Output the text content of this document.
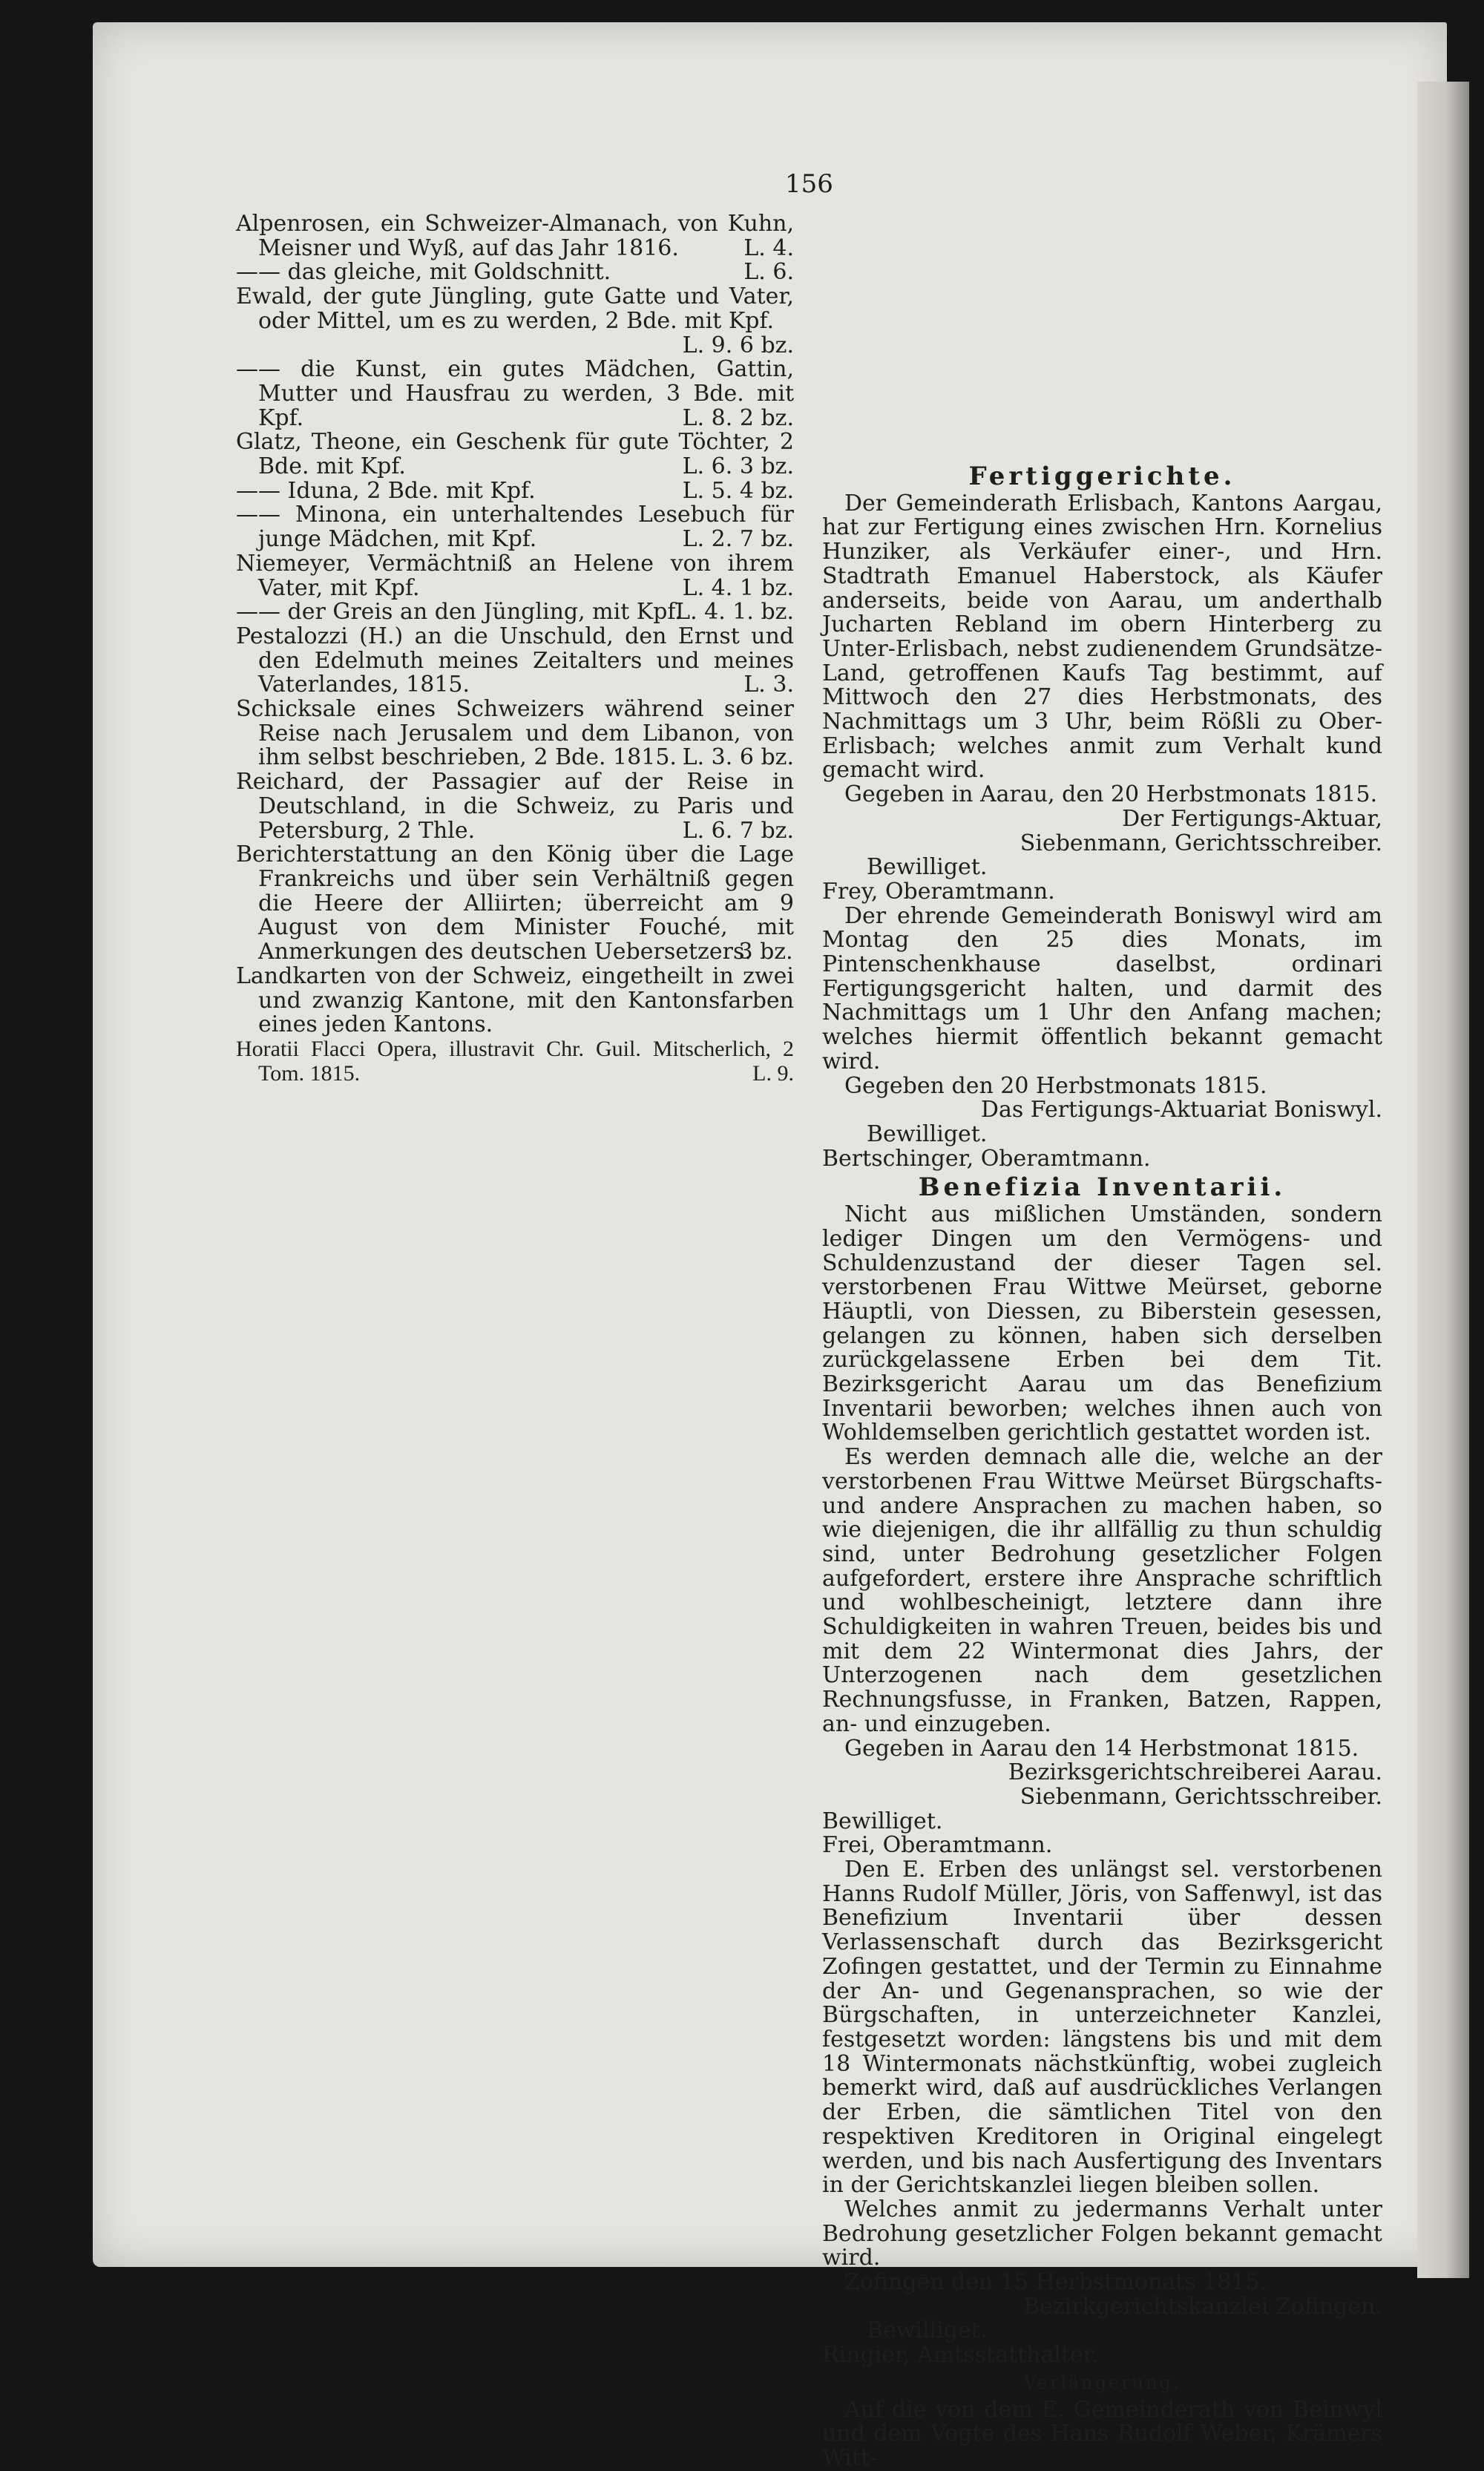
156

Alpenrosen, ein Schweizer-Almanach, von Kuhn, Meisner und Wyß, auf das Jahr 1816.	L. 4.

—— das gleiche, mit Goldschnitt.	L. 6.

Ewald, der gute Jüngling, gute Gatte und Vater, oder Mittel, um es zu werden, 2 Bde. mit Kpf.
L. 9. 6 bz.

—— die Kunst, ein gutes Mädchen, Gattin, Mutter und Hausfrau zu werden, 3 Bde. mit Kpf.	L. 8. 2 bz.

Glatz, Theone, ein Geschenk für gute Töchter, 2 Bde. mit Kpf.	L. 6. 3 bz.

—— Iduna, 2 Bde. mit Kpf.	L. 5. 4 bz.

—— Minona, ein unterhaltendes Lesebuch für junge Mädchen, mit Kpf.	L. 2. 7 bz.

Niemeyer, Vermächtniß an Helene von ihrem Vater, mit Kpf.	L. 4. 1 bz.

—— der Greis an den Jüngling, mit Kpf.
L. 4. 1. bz.

Pestalozzi (H.) an die Unschuld, den Ernst und den Edelmuth meines Zeitalters und meines Vaterlandes, 1815.	L. 3.

Schicksale eines Schweizers während seiner Reise nach Jerusalem und dem Libanon, von ihm selbst beschrieben, 2 Bde. 1815. L. 3. 6 bz.

Reichard, der Passagier auf der Reise in Deutschland, in die Schweiz, zu Paris und Petersburg, 2 Thle.	L. 6. 7 bz.

Berichterstattung an den König über die Lage Frankreichs und über sein Verhältniß gegen die Heere der Alliirten; überreicht am 9 August von dem Minister Fouché, mit Anmerkungen des deutschen Uebersetzers.
3 bz.

Landkarten von der Schweiz, eingetheilt in zwei und zwanzig Kantone, mit den Kantonsfarben eines jeden Kantons.

Horatii Flacci Opera, illustravit Chr. Guil. Mitscherlich, 2 Tom. 1815.	L. 9.

Fertiggerichte.

Der Gemeinderath Erlisbach, Kantons Aargau, hat zur Fertigung eines zwischen Hrn. Kornelius Hunziker, als Verkäufer einer-, und Hrn. Stadtrath Emanuel Haberstock, als Käufer anderseits, beide von Aarau, um anderthalb Jucharten Rebland im obern Hinterberg zu Unter-Erlisbach, nebst zudienendem Grundsätze-Land, getroffenen Kaufs Tag bestimmt, auf Mittwoch den 27 dies Herbstmonats, des Nachmittags um 3 Uhr, beim Rößli zu Ober-Erlisbach; welches anmit zum Verhalt kund gemacht wird.

Gegeben in Aarau, den 20 Herbstmonats 1815.

Der Fertigungs-Aktuar,

Siebenmann, Gerichtsschreiber.

Bewilliget.

Frey, Oberamtmann.

Der ehrende Gemeinderath Boniswyl wird am Montag den 25 dies Monats, im Pintenschenkhause daselbst, ordinari Fertigungsgericht halten, und darmit des Nachmittags um 1 Uhr den Anfang machen; welches hiermit öffentlich bekannt gemacht wird.

Gegeben den 20 Herbstmonats 1815.

Das Fertigungs-Aktuariat Boniswyl.

Bewilliget.

Bertschinger, Oberamtmann.

Benefizia Inventarii.

Nicht aus mißlichen Umständen, sondern lediger Dingen um den Vermögens- und Schuldenzustand der dieser Tagen sel. verstorbenen Frau Wittwe Meürset, geborne Häuptli, von Diessen, zu Biberstein gesessen, gelangen zu können, haben sich derselben zurückgelassene Erben bei dem Tit. Bezirksgericht Aarau um das Benefizium Inventarii beworben; welches ihnen auch von Wohldemselben gerichtlich gestattet worden ist.

Es werden demnach alle die, welche an der verstorbenen Frau Wittwe Meürset Bürgschafts- und andere Ansprachen zu machen haben, so wie diejenigen, die ihr allfällig zu thun schuldig sind, unter Bedrohung gesetzlicher Folgen aufgefordert, erstere ihre Ansprache schriftlich und wohlbescheinigt, letztere dann ihre Schuldigkeiten in wahren Treuen, beides bis und mit dem 22 Wintermonat dies Jahrs, der Unterzogenen nach dem gesetzlichen Rechnungsfusse, in Franken, Batzen, Rappen, an- und einzugeben.

Gegeben in Aarau den 14 Herbstmonat 1815.

Bezirksgerichtschreiberei Aarau.

Siebenmann, Gerichtsschreiber.

Bewilliget.

Frei, Oberamtmann.

Den E. Erben des unlängst sel. verstorbenen Hanns Rudolf Müller, Jöris, von Saffenwyl, ist das Benefizium Inventarii über dessen Verlassenschaft durch das Bezirksgericht Zofingen gestattet, und der Termin zu Einnahme der An- und Gegenansprachen, so wie der Bürgschaften, in unterzeichneter Kanzlei, festgesetzt worden: längstens bis und mit dem 18 Wintermonats nächstkünftig, wobei zugleich bemerkt wird, daß auf ausdrückliches Verlangen der Erben, die sämtlichen Titel von den respektiven Kreditoren in Original eingelegt werden, und bis nach Ausfertigung des Inventars in der Gerichtskanzlei liegen bleiben sollen.

Welches anmit zu jedermanns Verhalt unter Bedrohung gesetzlicher Folgen bekannt gemacht wird.

Zofingen den 15 Herbstmonats 1815.

Bezirkgerichtskanzlei Zofingen.

Bewilliget.

Ringier, Amtsstatthalter.

Verlängerung.

Auf die von dem E. Gemeinderath von Beinwyl und dem Vogte des Hans Rudolf Weber, Krämers Witt-
